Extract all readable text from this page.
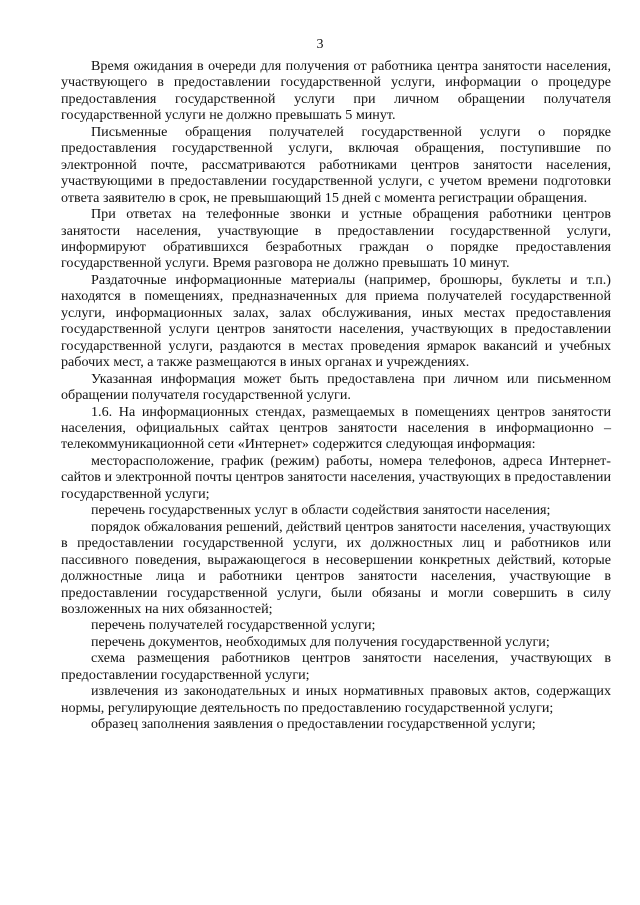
3

Время ожидания в очереди для получения от работника центра занятости населения, участвующего в предоставлении государственной услуги, информации о процедуре предоставления государственной услуги при личном обращении получателя государственной услуги не должно превышать 5 минут.

Письменные обращения получателей государственной услуги о порядке предоставления государственной услуги, включая обращения, поступившие по электронной почте, рассматриваются работниками центров занятости населения, участвующими в предоставлении государственной услуги, с учетом времени подготовки ответа заявителю в срок, не превышающий 15 дней с момента регистрации обращения.

При ответах на телефонные звонки и устные обращения работники центров занятости населения, участвующие в предоставлении государственной услуги, информируют обратившихся безработных граждан о порядке предоставления государственной услуги. Время разговора не должно превышать 10 минут.

Раздаточные информационные материалы (например, брошюры, буклеты и т.п.) находятся в помещениях, предназначенных для приема получателей государственной услуги, информационных залах, залах обслуживания, иных местах предоставления государственной услуги центров занятости населения, участвующих в предоставлении государственной услуги, раздаются в местах проведения ярмарок вакансий и учебных рабочих мест, а также размещаются в иных органах и учреждениях.

Указанная информация может быть предоставлена при личном или письменном обращении получателя государственной услуги.

1.6. На информационных стендах, размещаемых в помещениях центров занятости населения, официальных сайтах центров занятости населения в информационно – телекоммуникационной сети «Интернет» содержится следующая информация:

месторасположение, график (режим) работы, номера телефонов, адреса Интернет-сайтов и электронной почты центров занятости населения, участвующих в предоставлении государственной услуги;

перечень государственных услуг в области содействия занятости населения;

порядок обжалования решений, действий центров занятости населения, участвующих в предоставлении государственной услуги, их должностных лиц и работников или пассивного поведения, выражающегося в несовершении конкретных действий, которые должностные лица и работники центров занятости населения, участвующие в предоставлении государственной услуги, были обязаны и могли совершить в силу возложенных на них обязанностей;

перечень получателей государственной услуги;

перечень документов, необходимых для получения государственной услуги;

схема размещения работников центров занятости населения, участвующих в предоставлении государственной услуги;

извлечения из законодательных и иных нормативных правовых актов, содержащих нормы, регулирующие деятельность по предоставлению государственной услуги;

образец заполнения заявления о предоставлении государственной услуги;
